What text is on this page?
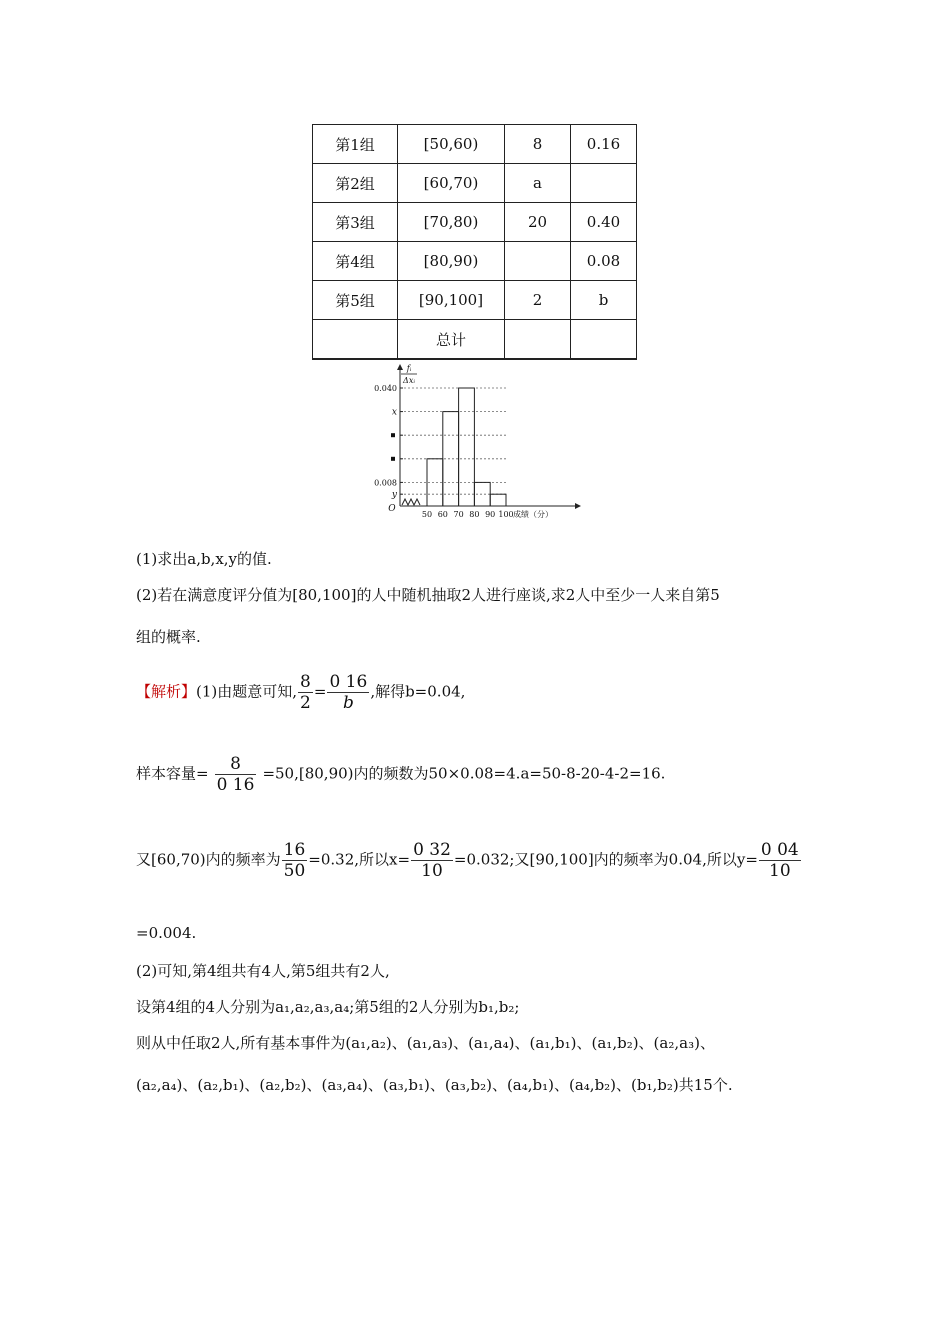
第1组	[50,60)	8	0.16
第2组	[60,70)	a	
第3组	[70,80)	20	0.40
第4组	[80,90)		0.08
第5组	[90,100]	2	b
	总计		
0.040
x
0.008
y
50 60 70 80 90 100 成绩（分）
O
fᵢ
Δxᵢ
(1)求出a,b,x,y的值.
(2)若在满意度评分值为[80,100]的人中随机抽取2人进行座谈,求2人中至少一人来自第5
组的概率.
【解析】(1)由题意可知, $\frac{8}{2} = \frac{0 16}{b}$ ,解得b=0.04,
样本容量= $\frac{8}{0 16} =50,[80,90)$内的频数为50×0.08=4.a=50-8-20-4-2=16.
又[60,70)内的频率为 $\frac{16}{50} =0.32$,所以$x= \frac{0 32}{10} =0.032$;又[90,100]内的频率为0.04,所以$y= \frac{0 04}{10}$
=0.004.
(2)可知,第4组共有4人,第5组共有2人,
设第4组的4人分别为a₁,a₂,a₃,a₄;第5组的2人分别为b₁,b₂;
则从中任取2人,所有基本事件为(a₁,a₂)、(a₁,a₃)、(a₁,a₄)、(a₁,b₁)、(a₁,b₂)、(a₂,a₃)、
(a₂,a₄)、(a₂,b₁)、(a₂,b₂)、(a₃,a₄)、(a₃,b₁)、(a₃,b₂)、(a₄,b₁)、(a₄,b₂)、(b₁,b₂)共15个.
